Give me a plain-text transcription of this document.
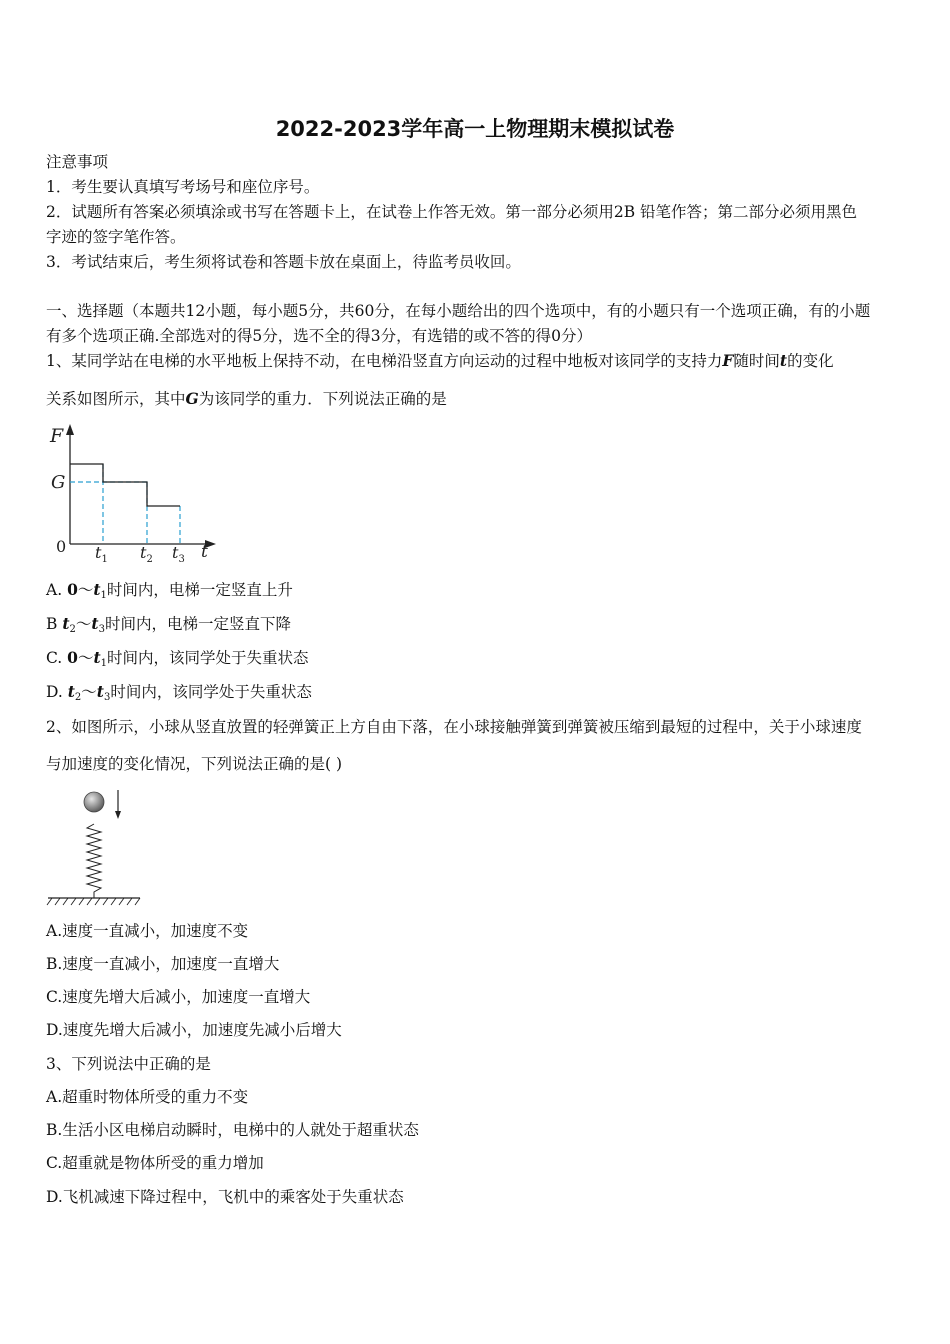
2022-2023学年高一上物理期末模拟试卷
注意事项
1．考生要认真填写考场号和座位序号。
2．试题所有答案必须填涂或书写在答题卡上，在试卷上作答无效。第一部分必须用2B 铅笔作答；第二部分必须用黑色
字迹的签字笔作答。
3．考试结束后，考生须将试卷和答题卡放在桌面上，待监考员收回。
一、选择题（本题共12小题，每小题5分，共60分，在每小题给出的四个选项中，有的小题只有一个选项正确，有的小题
有多个选项正确.全部选对的得5分，选不全的得3分，有选错的或不答的得0分）
1、某同学站在电梯的水平地板上保持不动，在电梯沿竖直方向运动的过程中地板对该同学的支持力F随时间t的变化
关系如图所示，其中G为该同学的重力．下列说法正确的是
F
G
0 $t_1$ $t_2$ $t_3$ t
A. $0\sim t_1$时间内，电梯一定竖直上升
B $t_2\sim t_3$时间内，电梯一定竖直下降
C. $0\sim t_1$时间内，该同学处于失重状态
D. $t_2\sim t_3$时间内，该同学处于失重状态
2、如图所示，小球从竖直放置的轻弹簧正上方自由下落，在小球接触弹簧到弹簧被压缩到最短的过程中，关于小球速度
与加速度的变化情况，下列说法正确的是( )
A.速度一直减小，加速度不变
B.速度一直减小，加速度一直增大
C.速度先增大后减小，加速度一直增大
D.速度先增大后减小，加速度先减小后增大
3、下列说法中正确的是
A.超重时物体所受的重力不变
B.生活小区电梯启动瞬时，电梯中的人就处于超重状态
C.超重就是物体所受的重力增加
D.飞机减速下降过程中，飞机中的乘客处于失重状态
